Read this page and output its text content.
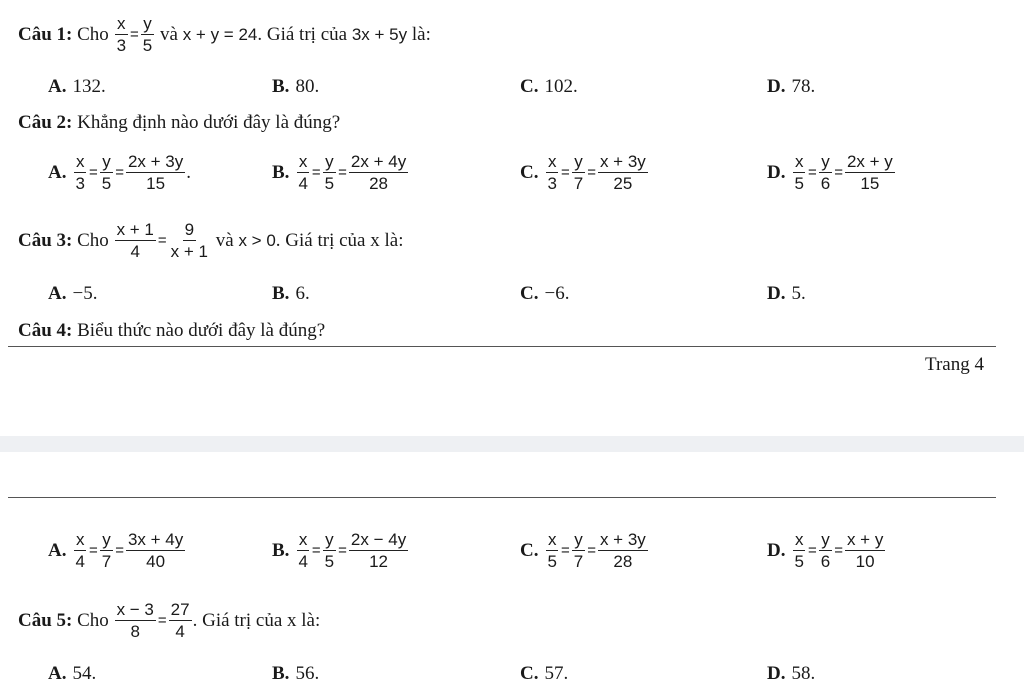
Câu 1:
Cho
$\frac{x}{3} = \frac{y}{5}$
và
x + y = 24 . Giá trị của
3x + 5y
là:
A. 132.	B. 80.	C. 102.	D. 78.
Câu 2:
Khẳng định nào dưới đây là đúng?
A. $\frac{x}{3} = \frac{y}{5} = \frac{2x + 3y}{15}$ .	B. $\frac{x}{4} = \frac{y}{5} = \frac{2x + 4y}{28}$	C. $\frac{x}{3} = \frac{y}{7} = \frac{x + 3y}{25}$	D. $\frac{x}{5} = \frac{y}{6} = \frac{2x + y}{15}$
Câu 3:
Cho
$\frac{x + 1}{4} = \frac{9}{x + 1}$
và
x > 0 . Giá trị của x là:
A. −5.	B. 6.	C. −6.	D. 5.
Câu 4:
Biểu thức nào dưới đây là đúng?
Trang 4
A. $\frac{x}{4} = \frac{y}{7} = \frac{3x + 4y}{40}$	B. $\frac{x}{4} = \frac{y}{5} = \frac{2x - 4y}{12}$	C. $\frac{x}{5} = \frac{y}{7} = \frac{x + 3y}{28}$	D. $\frac{x}{5} = \frac{y}{6} = \frac{x + y}{10}$
Câu 5:
Cho
$\frac{x - 3}{8} = \frac{27}{4}$ . Giá trị của x là:
A. 54.	B. 56.	C. 57.	D. 58.
